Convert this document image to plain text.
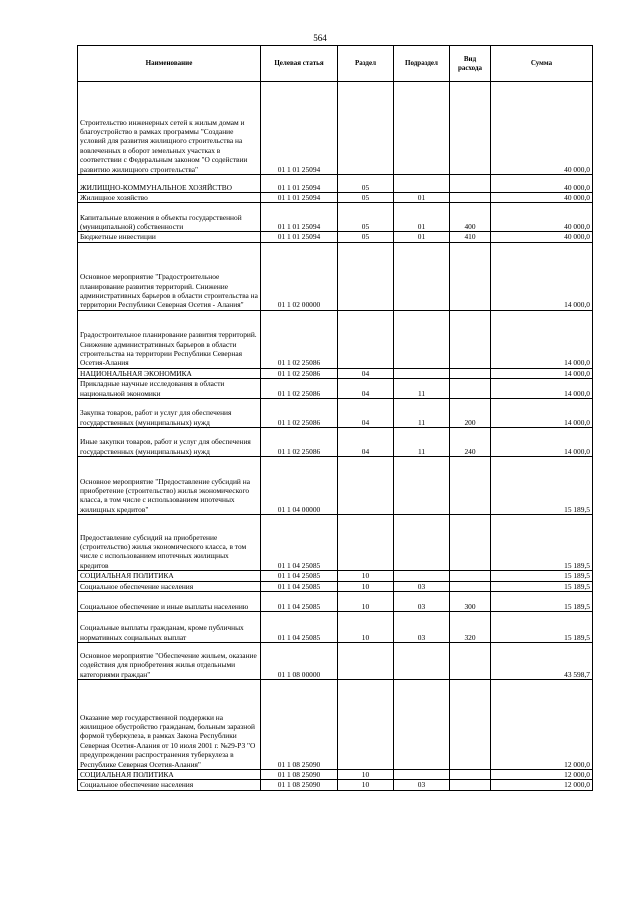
564
Наименование	Целевая статья	Раздел	Подраздел	Вид расхода	Сумма
Строительство инженерных сетей к жилым домам и благоустройство в рамках программы "Создание условий для развития жилищного строительства на вовлеченных в оборот земельных участках в соответствии с Федеральным законом "О содействии развитию жилищного строительства"	01 1 01 25094				40 000,0
ЖИЛИЩНО-КОММУНАЛЬНОЕ ХОЗЯЙСТВО	01 1 01 25094	05			40 000,0
Жилищное хозяйство	01 1 01 25094	05	01		40 000,0
Капитальные вложения в объекты государственной (муниципальной) собственности	01 1 01 25094	05	01	400	40 000,0
Бюджетные инвестиции	01 1 01 25094	05	01	410	40 000,0
Основное мероприятие "Градостроительное планирование развития территорий. Снижение административных барьеров в области строительства на территории Республики Северная Осетия - Алания"	01 1 02 00000				14 000,0
Градостроительное планирование развития территорий. Снижение административных барьеров в области строительства на территории Республики Северная Осетия-Алания	01 1 02 25086				14 000,0
НАЦИОНАЛЬНАЯ ЭКОНОМИКА	01 1 02 25086	04			14 000,0
Прикладные научные исследования в области национальной экономики	01 1 02 25086	04	11		14 000,0
Закупка товаров, работ и услуг для обеспечения государственных (муниципальных) нужд	01 1 02 25086	04	11	200	14 000,0
Иные закупки товаров, работ и услуг для обеспечения государственных (муниципальных) нужд	01 1 02 25086	04	11	240	14 000,0
Основное мероприятие "Предоставление субсидий на приобретение (строительство) жилья экономического класса, в том числе с использованием ипотечных жилищных кредитов"	01 1 04 00000				15 189,5
Предоставление субсидий на приобретение (строительство) жилья экономического класса, в том числе с использованием ипотечных жилищных кредитов	01 1 04 25085				15 189,5
СОЦИАЛЬНАЯ ПОЛИТИКА	01 1 04 25085	10			15 189,5
Социальное обеспечение населения	01 1 04 25085	10	03		15 189,5
Социальное обеспечение и иные выплаты населению	01 1 04 25085	10	03	300	15 189,5
Социальные выплаты гражданам, кроме публичных нормативных социальных выплат	01 1 04 25085	10	03	320	15 189,5
Основное мероприятие "Обеспечение жильем, оказание содействия для приобретения жилья отдельными категориями граждан"	01 1 08 00000				43 598,7
Оказание мер государственной поддержки на жилищное обустройство гражданам, больным заразной формой туберкулеза, в рамках Закона Республики Северная Осетия-Алания от 10 июля 2001 г. №29-РЗ "О предупреждении распространения туберкулеза в Республике Северная Осетия-Алания"	01 1 08 25090				12 000,0
СОЦИАЛЬНАЯ ПОЛИТИКА	01 1 08 25090	10			12 000,0
Социальное обеспечение населения	01 1 08 25090	10	03		12 000,0
